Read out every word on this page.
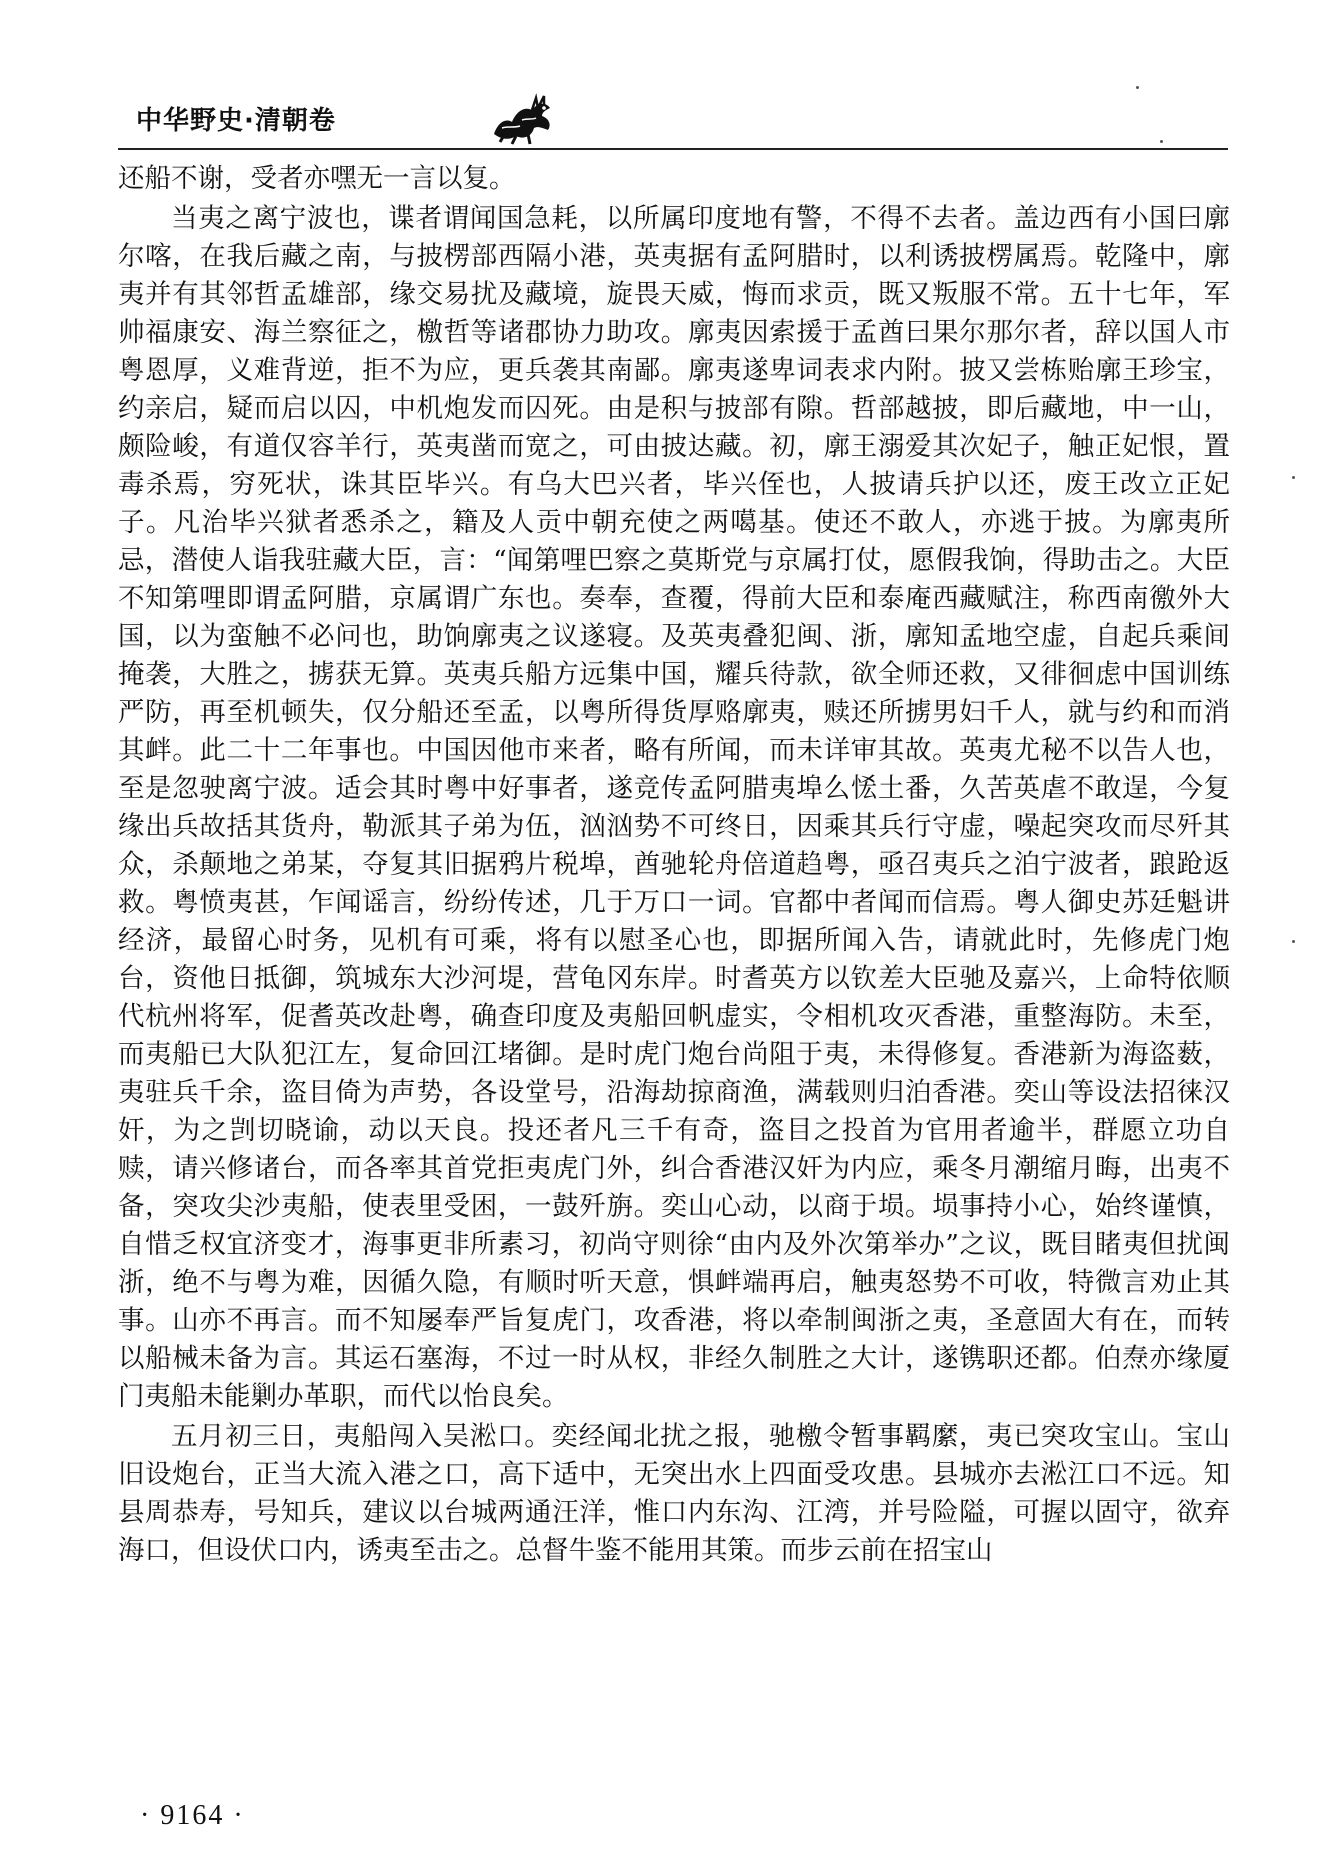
中华野史·清朝卷

还船不谢，受者亦嘿无一言以复。

当夷之离宁波也，谍者谓闻国急耗，以所属印度地有警，不得不去者。盖边西有小国曰廓尔喀，在我后藏之南，与披楞部西隔小港，英夷据有孟阿腊时，以利诱披楞属焉。乾隆中，廓夷并有其邻哲孟雄部，缘交易扰及藏境，旋畏天威，悔而求贡，既又叛服不常。五十七年，军帅福康安、海兰察征之，檄哲等诸郡协力助攻。廓夷因索援于孟酋曰果尔那尔者，辞以国人市粤恩厚，义难背逆，拒不为应，更兵袭其南鄙。廓夷遂卑词表求内附。披又尝栋贻廓王珍宝，约亲启，疑而启以囚，中机炮发而囚死。由是积与披部有隙。哲部越披，即后藏地，中一山，颇险峻，有道仅容羊行，英夷凿而宽之，可由披达藏。初，廓王溺爱其次妃子，触正妃恨，置毒杀焉，穷死状，诛其臣毕兴。有乌大巴兴者，毕兴侄也，人披请兵护以还，废王改立正妃子。凡治毕兴狱者悉杀之，籍及人贡中朝充使之两噶基。使还不敢人，亦逃于披。为廓夷所忌，潜使人诣我驻藏大臣，言：“闻第哩巴察之莫斯党与京属打仗，愿假我饷，得助击之。大臣不知第哩即谓孟阿腊，京属谓广东也。奏奉，查覆，得前大臣和泰庵西藏赋注，称西南徼外大国，以为蛮触不必问也，助饷廓夷之议遂寝。及英夷叠犯闽、浙，廓知孟地空虚，自起兵乘间掩袭，大胜之，掳获无算。英夷兵船方远集中国，耀兵待款，欲全师还救，又徘徊虑中国训练严防，再至机顿失，仅分船还至孟，以粤所得货厚赂廓夷，赎还所掳男妇千人，就与约和而消其衅。此二十二年事也。中国因他市来者，略有所闻，而未详审其故。英夷尤秘不以告人也，至是忽驶离宁波。适会其时粤中好事者，遂竞传孟阿腊夷埠么恡土番，久苦英虐不敢逞，今复缘出兵故括其货舟，勒派其子弟为伍，汹汹势不可终日，因乘其兵行守虚，噪起突攻而尽歼其众，杀颠地之弟某，夺复其旧据鸦片税埠，酋驰轮舟倍道趋粤，亟召夷兵之泊宁波者，踉跄返救。粤愤夷甚，乍闻谣言，纷纷传述，几于万口一词。官都中者闻而信焉。粤人御史苏廷魁讲经济，最留心时务，见机有可乘，将有以慰圣心也，即据所闻入告，请就此时，先修虎门炮台，资他日抵御，筑城东大沙河堤，营龟冈东岸。时耆英方以钦差大臣驰及嘉兴，上命特依顺代杭州将军，促耆英改赴粤，确查印度及夷船回帆虚实，令相机攻灭香港，重整海防。未至，而夷船已大队犯江左，复命回江堵御。是时虎门炮台尚阻于夷，未得修复。香港新为海盗薮，夷驻兵千余，盗目倚为声势，各设堂号，沿海劫掠商渔，满载则归泊香港。奕山等设法招徕汉奸，为之剀切晓谕，动以天良。投还者凡三千有奇，盗目之投首为官用者逾半，群愿立功自赎，请兴修诸台，而各率其首党拒夷虎门外，纠合香港汉奸为内应，乘冬月潮缩月晦，出夷不备，突攻尖沙夷船，使表里受困，一鼓歼旃。奕山心动，以商于埙。埙事持小心，始终谨慎，自惜乏权宜济变才，海事更非所素习，初尚守则徐“由内及外次第举办”之议，既目睹夷但扰闽浙，绝不与粤为难，因循久隐，有顺时听天意，惧衅端再启，触夷怒势不可收，特微言劝止其事。山亦不再言。而不知屡奉严旨复虎门，攻香港，将以牵制闽浙之夷，圣意固大有在，而转以船械未备为言。其运石塞海，不过一时从权，非经久制胜之大计，遂镌职还都。伯焘亦缘厦门夷船未能剿办革职，而代以怡良矣。

五月初三日，夷船闯入吴淞口。奕经闻北扰之报，驰檄令暂事羁縻，夷已突攻宝山。宝山旧设炮台，正当大流入港之口，高下适中，无突出水上四面受攻患。县城亦去淞江口不远。知县周恭寿，号知兵，建议以台城两通汪洋，惟口内东沟、江湾，并号险隘，可握以固守，欲弃海口，但设伏口内，诱夷至击之。总督牛鉴不能用其策。而步云前在招宝山

· 9164 ·
